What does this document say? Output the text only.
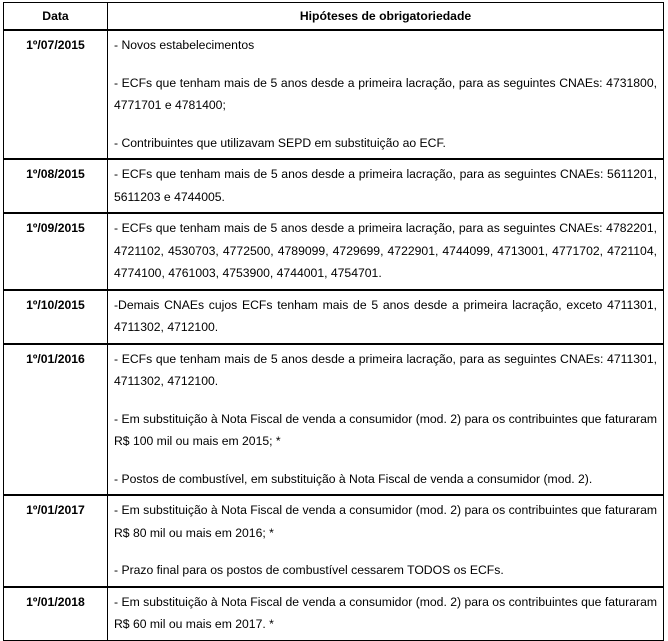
Data	Hipóteses de obrigatoriedade
1º/07/2015	- Novos estabelecimentos

- ECFs que tenham mais de 5 anos desde a primeira lacração, para as seguintes CNAEs: 4731800, 4771701 e 4781400;

- Contribuintes que utilizavam SEPD em substituição ao ECF.

1º/08/2015	- ECFs que tenham mais de 5 anos desde a primeira lacração, para as seguintes CNAEs: 5611201, 5611203 e 4744005.

1º/09/2015	- ECFs que tenham mais de 5 anos desde a primeira lacração, para as seguintes CNAEs: 4782201, 4721102, 4530703, 4772500, 4789099, 4729699, 4722901, 4744099, 4713001, 4771702, 4721104, 4774100, 4761003, 4753900, 4744001, 4754701.

1º/10/2015	-Demais CNAEs cujos ECFs tenham mais de 5 anos desde a primeira lacração, exceto 4711301, 4711302, 4712100.

1º/01/2016	- ECFs que tenham mais de 5 anos desde a primeira lacração, para as seguintes CNAEs: 4711301, 4711302, 4712100.

- Em substituição à Nota Fiscal de venda a consumidor (mod. 2) para os contribuintes que faturaram R$ 100 mil ou mais em 2015; *

- Postos de combustível, em substituição à Nota Fiscal de venda a consumidor (mod. 2).

1º/01/2017	- Em substituição à Nota Fiscal de venda a consumidor (mod. 2) para os contribuintes que faturaram R$ 80 mil ou mais em 2016; *

- Prazo final para os postos de combustível cessarem TODOS os ECFs.

1º/01/2018	- Em substituição à Nota Fiscal de venda a consumidor (mod. 2) para os contribuintes que faturaram R$ 60 mil ou mais em 2017. *
